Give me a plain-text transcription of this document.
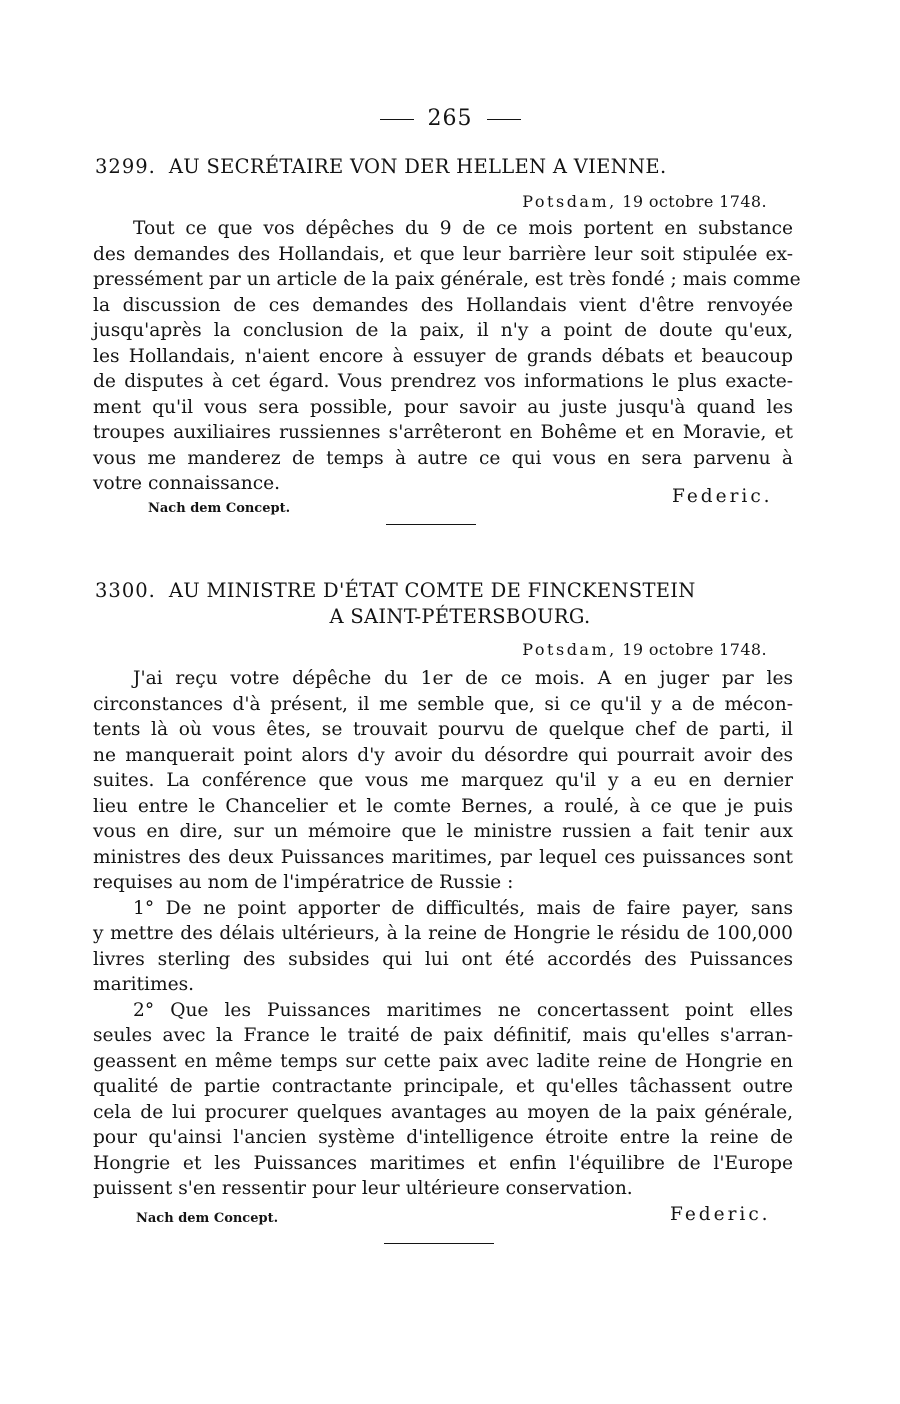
265
3299. AU SECRÉTAIRE VON DER HELLEN A VIENNE.
Potsdam, 19 octobre 1748.

Tout ce que vos dépêches du 9 de ce mois portent en substance
des demandes des Hollandais, et que leur barrière leur soit stipulée ex-
pressément par un article de la paix générale, est très fondé ; mais comme
la discussion de ces demandes des Hollandais vient d'être renvoyée
jusqu'après la conclusion de la paix, il n'y a point de doute qu'eux,
les Hollandais, n'aient encore à essuyer de grands débats et beaucoup
de disputes à cet égard. Vous prendrez vos informations le plus exacte-
ment qu'il vous sera possible, pour savoir au juste jusqu'à quand les
troupes auxiliaires russiennes s'arrêteront en Bohême et en Moravie, et
vous me manderez de temps à autre ce qui vous en sera parvenu à
votre connaissance.

Nach dem Concept.
Federic.
3300. AU MINISTRE D'ÉTAT COMTE DE FINCKENSTEIN
A SAINT-PÉTERSBOURG.
Potsdam, 19 octobre 1748.

J'ai reçu votre dépêche du 1er de ce mois. A en juger par les
circonstances d'à présent, il me semble que, si ce qu'il y a de mécon-
tents là où vous êtes, se trouvait pourvu de quelque chef de parti, il
ne manquerait point alors d'y avoir du désordre qui pourrait avoir des
suites. La conférence que vous me marquez qu'il y a eu en dernier
lieu entre le Chancelier et le comte Bernes, a roulé, à ce que je puis
vous en dire, sur un mémoire que le ministre russien a fait tenir aux
ministres des deux Puissances maritimes, par lequel ces puissances sont
requises au nom de l'impératrice de Russie :

1° De ne point apporter de difficultés, mais de faire payer, sans
y mettre des délais ultérieurs, à la reine de Hongrie le résidu de 100,000
livres sterling des subsides qui lui ont été accordés des Puissances
maritimes.

2° Que les Puissances maritimes ne concertassent point elles
seules avec la France le traité de paix définitif, mais qu'elles s'arran-
geassent en même temps sur cette paix avec ladite reine de Hongrie en
qualité de partie contractante principale, et qu'elles tâchassent outre
cela de lui procurer quelques avantages au moyen de la paix générale,
pour qu'ainsi l'ancien système d'intelligence étroite entre la reine de
Hongrie et les Puissances maritimes et enfin l'équilibre de l'Europe
puissent s'en ressentir pour leur ultérieure conservation.

Nach dem Concept.	Federic.
